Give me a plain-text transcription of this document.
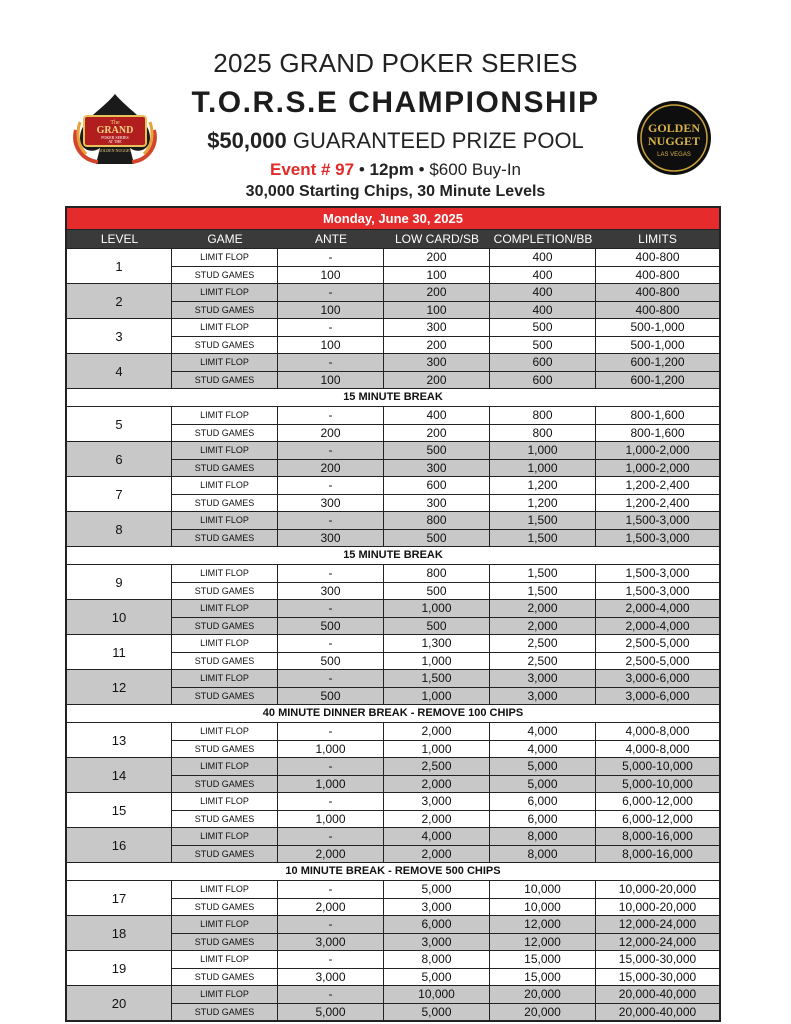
2025 GRAND POKER SERIES
T.O.R.S.E CHAMPIONSHIP
$50,000 GUARANTEED PRIZE POOL
Event # 97 • 12pm • $600 Buy-In
30,000 Starting Chips, 30 Minute Levels
The
GRAND
POKER SERIES
AT THE
GOLDEN NUGGET
GOLDEN
NUGGET
LAS VEGAS
Monday, June 30, 2025
LEVEL	GAME	ANTE	LOW CARD/SB	COMPLETION/BB	LIMITS
1
LIMIT FLOP	-	200	400	400-800
STUD GAMES	100	100	400	400-800
2
LIMIT FLOP	-	200	400	400-800
STUD GAMES	100	100	400	400-800
3
LIMIT FLOP	-	300	500	500-1,000
STUD GAMES	100	200	500	500-1,000
4
LIMIT FLOP	-	300	600	600-1,200
STUD GAMES	100	200	600	600-1,200
15 MINUTE BREAK
5
LIMIT FLOP	-	400	800	800-1,600
STUD GAMES	200	200	800	800-1,600
6
LIMIT FLOP	-	500	1,000	1,000-2,000
STUD GAMES	200	300	1,000	1,000-2,000
7
LIMIT FLOP	-	600	1,200	1,200-2,400
STUD GAMES	300	300	1,200	1,200-2,400
8
LIMIT FLOP	-	800	1,500	1,500-3,000
STUD GAMES	300	500	1,500	1,500-3,000
15 MINUTE BREAK
9
LIMIT FLOP	-	800	1,500	1,500-3,000
STUD GAMES	300	500	1,500	1,500-3,000
10
LIMIT FLOP	-	1,000	2,000	2,000-4,000
STUD GAMES	500	500	2,000	2,000-4,000
11
LIMIT FLOP	-	1,300	2,500	2,500-5,000
STUD GAMES	500	1,000	2,500	2,500-5,000
12
LIMIT FLOP	-	1,500	3,000	3,000-6,000
STUD GAMES	500	1,000	3,000	3,000-6,000
40 MINUTE DINNER BREAK - REMOVE 100 CHIPS
13
LIMIT FLOP	-	2,000	4,000	4,000-8,000
STUD GAMES	1,000	1,000	4,000	4,000-8,000
14
LIMIT FLOP	-	2,500	5,000	5,000-10,000
STUD GAMES	1,000	2,000	5,000	5,000-10,000
15
LIMIT FLOP	-	3,000	6,000	6,000-12,000
STUD GAMES	1,000	2,000	6,000	6,000-12,000
16
LIMIT FLOP	-	4,000	8,000	8,000-16,000
STUD GAMES	2,000	2,000	8,000	8,000-16,000
10 MINUTE BREAK - REMOVE 500 CHIPS
17
LIMIT FLOP	-	5,000	10,000	10,000-20,000
STUD GAMES	2,000	3,000	10,000	10,000-20,000
18
LIMIT FLOP	-	6,000	12,000	12,000-24,000
STUD GAMES	3,000	3,000	12,000	12,000-24,000
19
LIMIT FLOP	-	8,000	15,000	15,000-30,000
STUD GAMES	3,000	5,000	15,000	15,000-30,000
20
LIMIT FLOP	-	10,000	20,000	20,000-40,000
STUD GAMES	5,000	5,000	20,000	20,000-40,000
